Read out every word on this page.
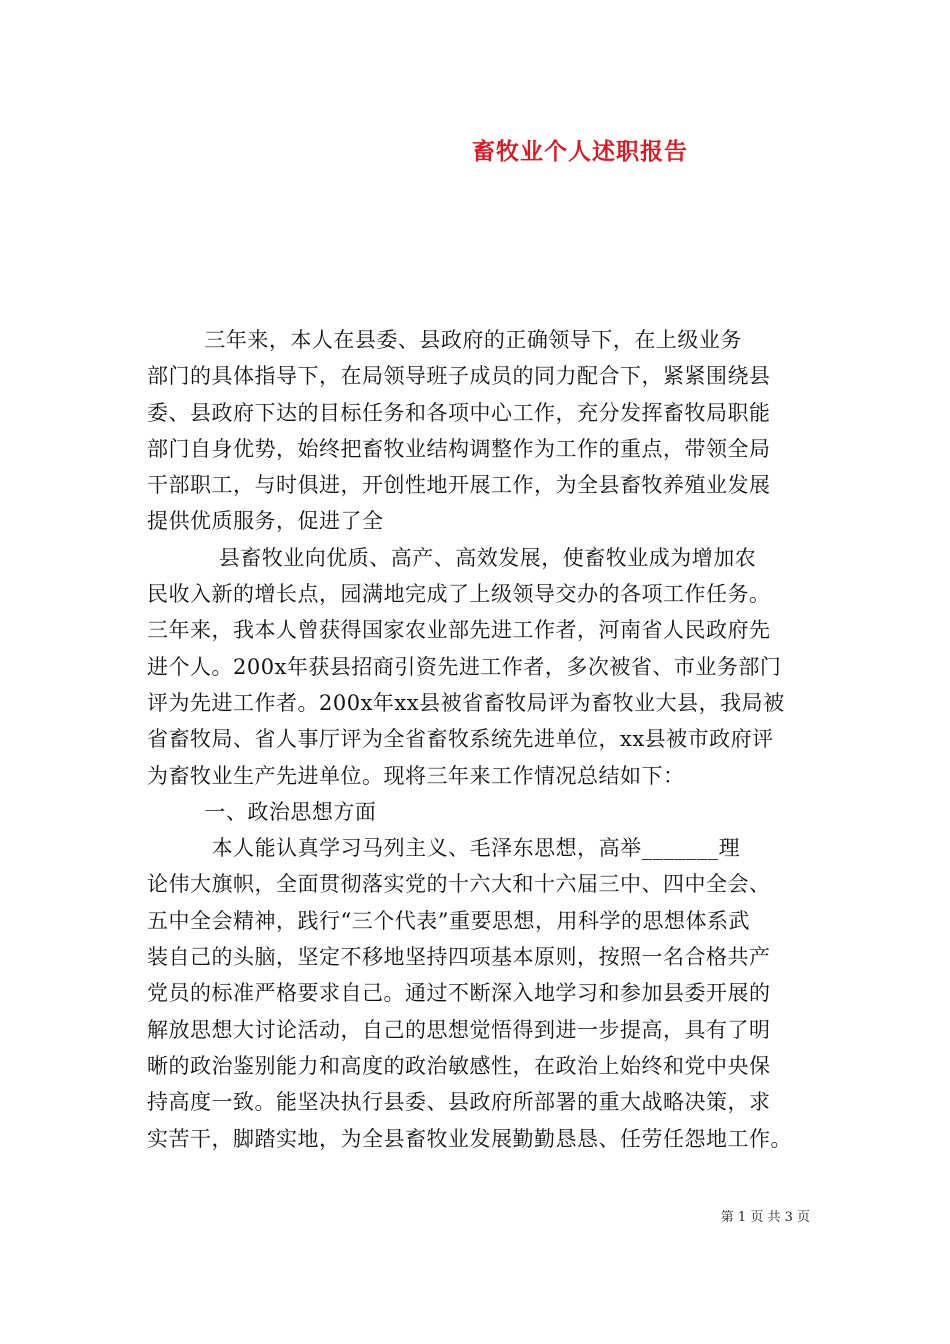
畜牧业个人述职报告
三年来，本人在县委、县政府的正确领导下，在上级业务
部门的具体指导下，在局领导班子成员的同力配合下，紧紧围绕县
委、县政府下达的目标任务和各项中心工作，充分发挥畜牧局职能
部门自身优势，始终把畜牧业结构调整作为工作的重点，带领全局
干部职工，与时俱进，开创性地开展工作，为全县畜牧养殖业发展
提供优质服务，促进了全
县畜牧业向优质、高产、高效发展，使畜牧业成为增加农
民收入新的增长点，园满地完成了上级领导交办的各项工作任务。
三年来，我本人曾获得国家农业部先进工作者，河南省人民政府先
进个人。200x年获县招商引资先进工作者，多次被省、市业务部门
评为先进工作者。200x年xx县被省畜牧局评为畜牧业大县，我局被
省畜牧局、省人事厅评为全省畜牧系统先进单位，xx县被市政府评
为畜牧业生产先进单位。现将三年来工作情况总结如下：
一、政治思想方面
本人能认真学习马列主义、毛泽东思想，高举_______理
论伟大旗帜，全面贯彻落实党的十六大和十六届三中、四中全会、
五中全会精神，践行“三个代表”重要思想，用科学的思想体系武
装自己的头脑，坚定不移地坚持四项基本原则，按照一名合格共产
党员的标准严格要求自己。通过不断深入地学习和参加县委开展的
解放思想大讨论活动，自己的思想觉悟得到进一步提高，具有了明
晰的政治鉴别能力和高度的政治敏感性，在政治上始终和党中央保
持高度一致。能坚决执行县委、县政府所部署的重大战略决策，求
实苦干，脚踏实地，为全县畜牧业发展勤勤恳恳、任劳任怨地工作。
第 1 页 共 3 页
